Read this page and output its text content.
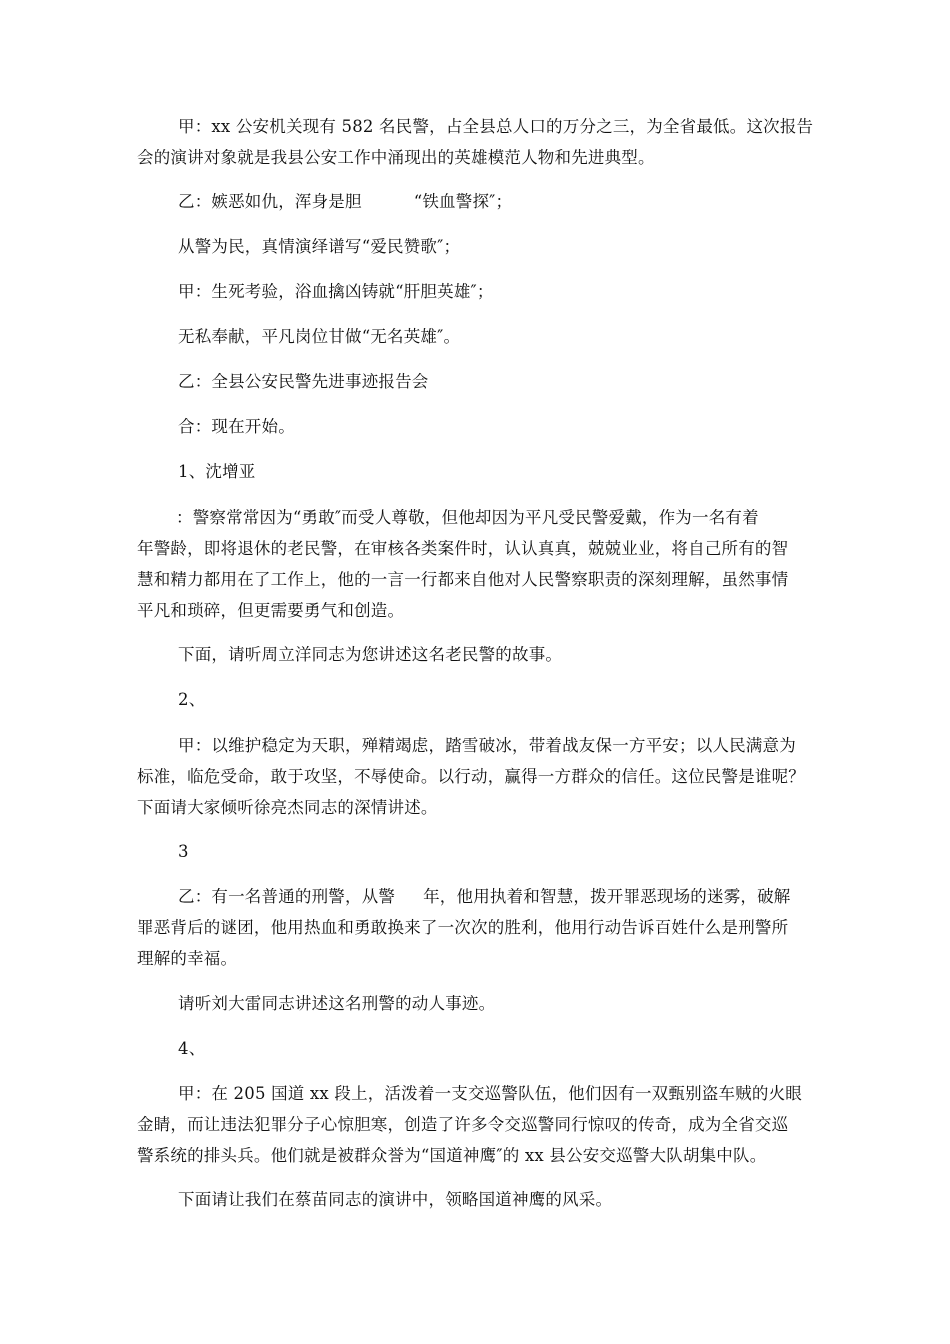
甲：xx 公安机关现有 582 名民警，占全县总人口的万分之三，为全省最低。这次报告
会的演讲对象就是我县公安工作中涌现出的英雄模范人物和先进典型。
乙：嫉恶如仇，浑身是胆	“铁血警探″；
从警为民，真情演绎谱写“爱民赞歌″；
甲：生死考验，浴血擒凶铸就“肝胆英雄″；
无私奉献，平凡岗位甘做“无名英雄″。
乙：全县公安民警先进事迹报告会
合：现在开始。
1、沈增亚
：警察常常因为“勇敢″而受人尊敬，但他却因为平凡受民警爱戴，作为一名有着
年警龄，即将退休的老民警，在审核各类案件时，认认真真，兢兢业业，将自己所有的智
慧和精力都用在了工作上，他的一言一行都来自他对人民警察职责的深刻理解，虽然事情
平凡和琐碎，但更需要勇气和创造。
下面，请听周立洋同志为您讲述这名老民警的故事。
2、
甲：以维护稳定为天职，殚精竭虑，踏雪破冰，带着战友保一方平安；以人民满意为
标准，临危受命，敢于攻坚，不辱使命。以行动，赢得一方群众的信任。这位民警是谁呢？
下面请大家倾听徐亮杰同志的深情讲述。
3
乙：有一名普通的刑警，从警 年，他用执着和智慧，拨开罪恶现场的迷雾，破解
罪恶背后的谜团，他用热血和勇敢换来了一次次的胜利，他用行动告诉百姓什么是刑警所
理解的幸福。
请听刘大雷同志讲述这名刑警的动人事迹。
4、
甲：在 205 国道 xx 段上，活泼着一支交巡警队伍，他们因有一双甄别盗车贼的火眼
金睛，而让违法犯罪分子心惊胆寒，创造了许多令交巡警同行惊叹的传奇，成为全省交巡
警系统的排头兵。他们就是被群众誉为“国道神鹰″的 xx 县公安交巡警大队胡集中队。
下面请让我们在蔡苗同志的演讲中，领略国道神鹰的风采。
